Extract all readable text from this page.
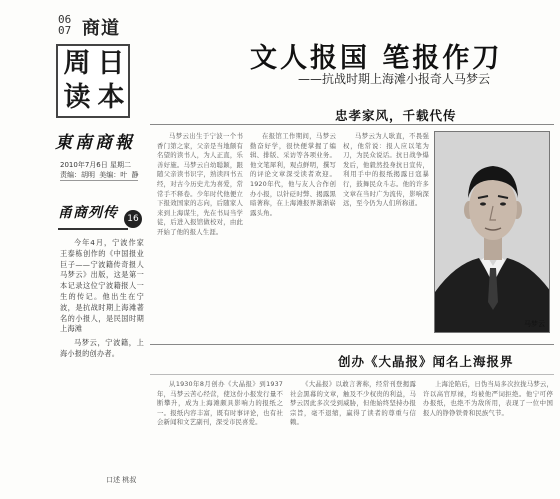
06
07 商道
周 日
读 本
東南商報
2010年7月6日 星期二
责编：胡明 美编：叶 静
甬商列传	16

今年4月，宁波作家王泰栋创作的《中国报业巨子——宁波籍传奇报人马梦云》出版，这是第一本记录这位宁波籍报人一生的传记。他出生在宁波，是抗战时期上海滩著名的小报人，是民国时期上海滩

马梦云，宁波籍，上海小报的创办者。

口述 桃叔
文人报国 笔报作刀
——抗战时期上海滩小报奇人马梦云
忠孝家风，千载代传

马梦云出生于宁波一个书香门第之家，父亲是当地颇有名望的读书人，为人正直，乐善好施。马梦云自幼聪颖，跟随父亲读书识字，熟读四书五经，对古今历史尤为喜爱，常常手不释卷。少年时代他便立下报效国家的志向，后随家人来到上海谋生，先在书局当学徒，后进入报馆做校对，由此开始了他的报人生涯。

在报馆工作期间，马梦云勤奋好学，很快便掌握了编辑、排版、采访等各项业务。他文笔犀利，观点鲜明，撰写的评论文章深受读者欢迎。1920年代，他与友人合作创办小报，以针砭时弊、揭露黑暗著称，在上海滩报界渐渐崭露头角。

马梦云为人耿直，不畏强权，他常说：报人应以笔为刀，为民众说话。抗日战争爆发后，他毅然投身抗日宣传，利用手中的报纸揭露日寇暴行，鼓舞民众斗志。他的许多文章在当时广为流传，影响深远，至今仍为人们所称道。

马梦云
创办《大晶报》闻名上海报界

从1930年8月创办《大晶报》到1937年，马梦云苦心经营，使这份小报发行量不断攀升，成为上海滩颇具影响力的报纸之一。报纸内容丰富，既有时事评论，也有社会新闻和文艺副刊，深受市民喜爱。

《大晶报》以敢言著称，经常刊登揭露社会黑幕的文章，触及不少权贵的利益，马梦云因此多次受到威胁，但他始终坚持办报宗旨，毫不退缩，赢得了读者的尊重与信赖。

上海沦陷后，日伪当局多次拉拢马梦云，许以高官厚禄，均被他严词拒绝。他宁可停办报纸，也绝不为敌所用，表现了一位中国报人的铮铮铁骨和民族气节。
